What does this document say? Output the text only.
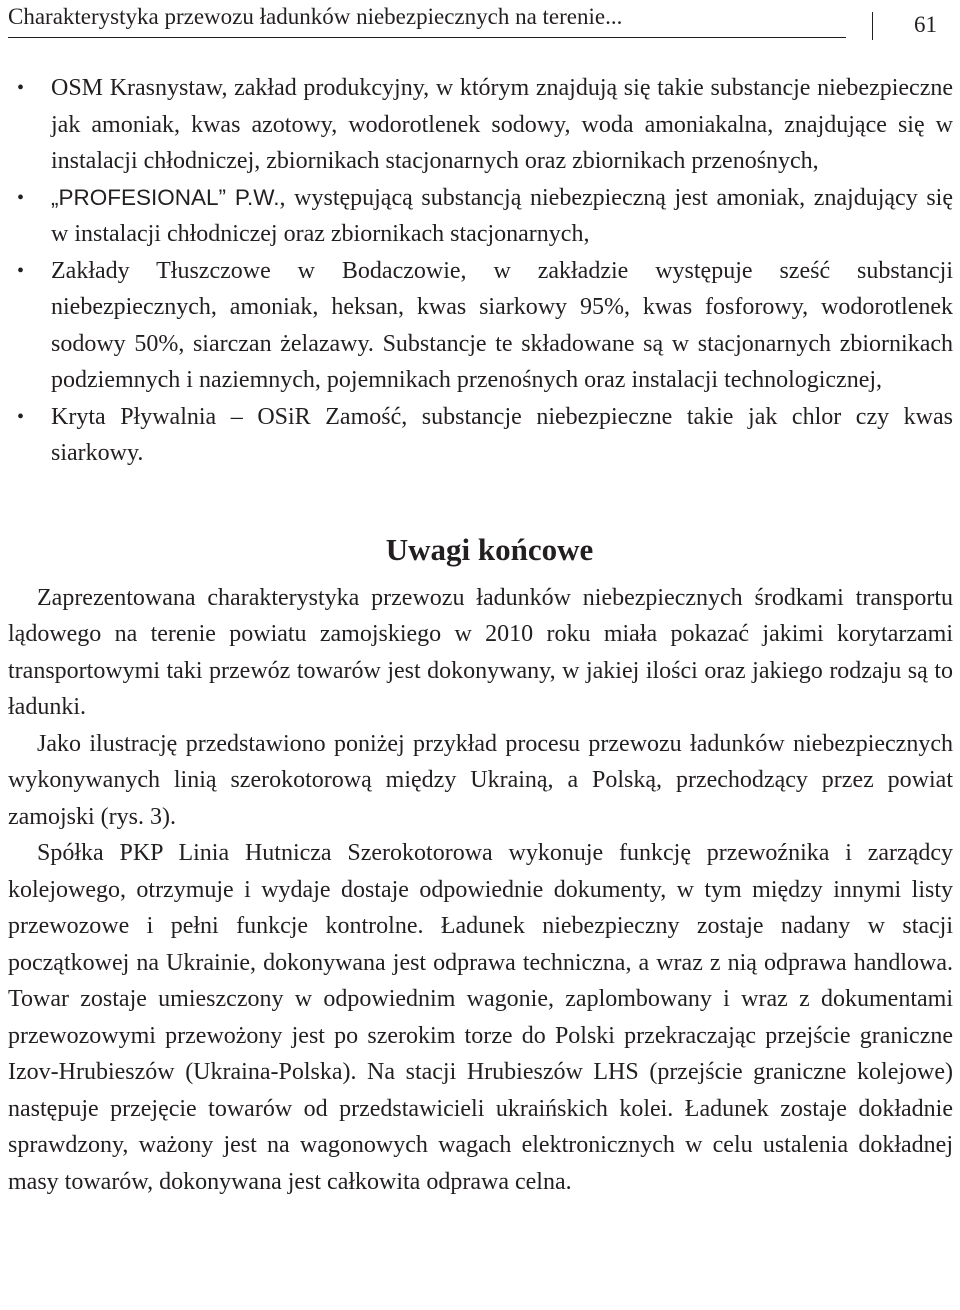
Charakterystyka przewozu ładunków niebezpiecznych na terenie...	61
• OSM Krasnystaw, zakład produkcyjny, w którym znajdują się takie substancje niebezpieczne jak amoniak, kwas azotowy, wodorotlenek sodowy, woda amoniakalna, znajdujące się w instalacji chłodniczej, zbiornikach stacjonarnych oraz zbiornikach przenośnych,
• „PROFESIONAL” P.W., występującą substancją niebezpieczną jest amoniak, znajdujący się w instalacji chłodniczej oraz zbiornikach stacjonarnych,
• Zakłady Tłuszczowe w Bodaczowie, w zakładzie występuje sześć substancji niebezpiecznych, amoniak, heksan, kwas siarkowy 95%, kwas fosforowy, wodorotlenek sodowy 50%, siarczan żelazawy. Substancje te składowane są w stacjonarnych zbiornikach podziemnych i naziemnych, pojemnikach przenośnych oraz instalacji technologicznej,
• Kryta Pływalnia – OSiR Zamość, substancje niebezpieczne takie jak chlor czy kwas siarkowy.
Uwagi końcowe

Zaprezentowana charakterystyka przewozu ładunków niebezpiecznych środkami transportu lądowego na terenie powiatu zamojskiego w 2010 roku miała pokazać jakimi korytarzami transportowymi taki przewóz towarów jest dokonywany, w jakiej ilości oraz jakiego rodzaju są to ładunki.

Jako ilustrację przedstawiono poniżej przykład procesu przewozu ładunków niebezpiecznych wykonywanych linią szerokotorową między Ukrainą, a Polską, przechodzący przez powiat zamojski (rys. 3).

Spółka PKP Linia Hutnicza Szerokotorowa wykonuje funkcję przewoźnika i zarządcy kolejowego, otrzymuje i wydaje dostaje odpowiednie dokumenty, w tym między innymi listy przewozowe i pełni funkcje kontrolne. Ładunek niebezpieczny zostaje nadany w stacji początkowej na Ukrainie, dokonywana jest odprawa techniczna, a wraz z nią odprawa handlowa. Towar zostaje umieszczony w odpowiednim wagonie, zaplombowany i wraz z dokumentami przewozowymi przewożony jest po szerokim torze do Polski przekraczając przejście graniczne Izov-Hrubieszów (Ukraina-Polska). Na stacji Hrubieszów LHS (przejście graniczne kolejowe) następuje przejęcie towarów od przedstawicieli ukraińskich kolei. Ładunek zostaje dokładnie sprawdzony, ważony jest na wagonowych wagach elektronicznych w celu ustalenia dokładnej masy towarów, dokonywana jest całkowita odprawa celna.
